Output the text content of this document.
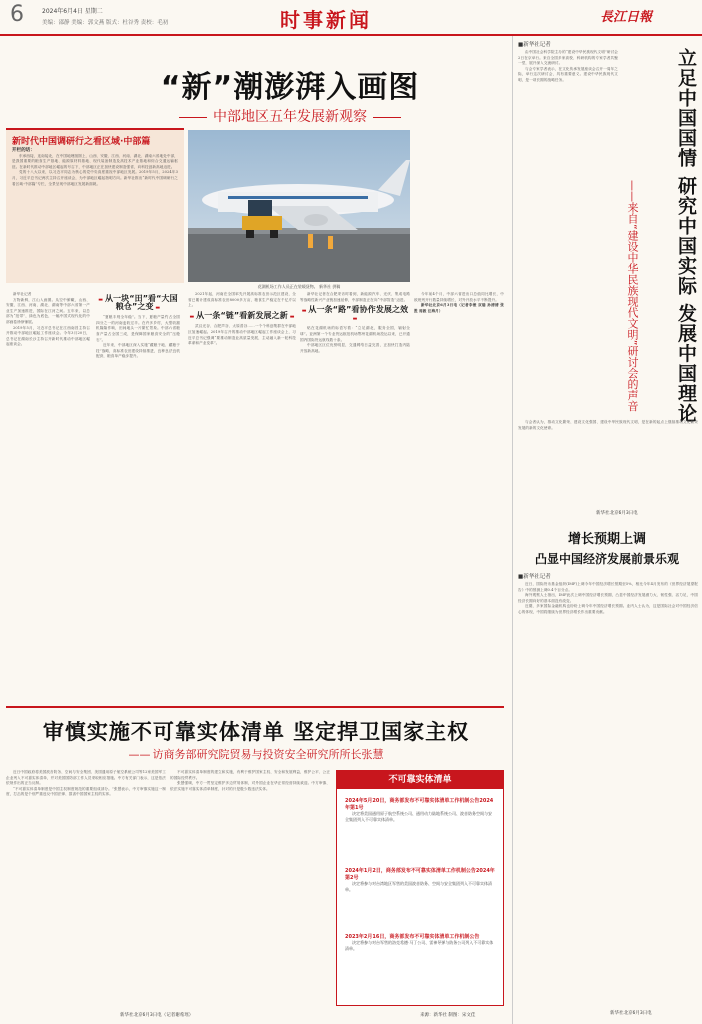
6	2024年6月4日 星期二
美编：邵静 美编：郭文燕 版式：杜谷秀 责校：毛初	时事新闻	長江日報
“新”潮澎湃入画图
中部地区五年发展新观察
新时代中国调研行之看区域·中部篇
开栏的话：

东承西接，连南接北，在中国地理版图上，山西、安徽、江西、河南、湖北、湖南六省地处中部，是我国重要的粮食生产基地、能源原材料基地、现代装备制造及高技术产业基地和综合交通运输枢纽。在新时代推动中部地区崛起的号召下，中部地区正在加快建设制造强省，向科技创新高地迈进。

党的十八大以来，以习近平同志为核心的党中央高度重视中部地区发展。2019年5月，2024年3月，习近平总书记两次主持召开座谈会，为中部地区崛起指明方向。新华社推出“新时代中国调研行之看区域·中部篇”专栏，全景呈现中部地区发展新面貌。

花湖机场工作人员正在装载货物。 新华社 供稿

新华社记者

万物新鲜，江山入画图。从空中俯瞰，山西、安徽、江西、河南、湖北、湖南等中部六省第一产业生产加速推进，国际在江河之间。五年来，以总部为“纽带”，绿色为底色，一幅中国式现代化的中部画卷徐徐铺展。

2019年5月，习近平总书记在江西南昌主持召开推动中部地区崛起工作座谈会。今年3月20日，总书记在湖南长沙主持召开新时代推动中部地区崛起座谈会。

▬ 从一块“田”看“大国粮仓”之变 ▬

“夏粮丰则全年稳”。当下，夏粮产量约占全国四分之一的河南麦收过半。在许多乡村，大型收割机隆隆作响，田间地头一片繁忙景象。中部六省粮食产量占全国三成，是保障国家粮食安全的“压舱石”。

近年来，中部地区深入实施“藏粮于地、藏粮于技”战略，高标准农田建设持续推进，良种良法良机配套，粮食单产稳步提升。

2021年起，河南在全国率先开展高标准农田示范区建设，全省已累计建成高标准农田8000多万亩，粮食生产稳定在千亿斤以上。

▬ 从一条“链”看新发展之新 ▬

武汉光谷、合肥声谷、太原普谷……一个个科创集群在中部地区加速崛起。2019年召开的推动中部地区崛起工作座谈会上，习近平总书记强调“要推动制造业高质量发展，主动融入新一轮科技革命和产业变革”。

新华社记者在合肥采访时看到，新能源汽车、光伏、集成电路等战略性新兴产业链加速延伸，中部制造正在向“中部智造”迈进。

▬ 从一条“路”看协作发展之效 ▬

贴在花湖机场的标语写着：“立足湖北，服务全国，辐射全球”。亚洲第一个专业货运枢纽机场鄂州花湖机场投运以来，已开通国内国际货运航线数十条。

中部地区区位优势明显，交通网络日益完善，正加快打造内陆开放新高地。

今年前4个月，中部六省进出口总值同比增长，中欧班列开行数量持续增长，对外开放水平不断提升。

新华社北京6月3日电（记者李俊 双瑞 孙清清 张胜 周毅 汪海月）

■新华社记者

由中国社会科学院主办的“建设中华民族现代文明”研讨会2日在京举行。来自全国多家高校、科研机构的专家学者共聚一堂，展开深入交流研讨。

与会专家学者表示，在文化传承发展座谈会召开一周年之际，举行这次研讨会，具有重要意义。建设中华民族现代文明，是一项长期的战略任务。	立足中国国情 研究中国实际 发展中国理论
——来自“建设中华民族现代文明”研讨会的声音

与会者认为，推动文化繁荣、建设文化强国、建设中华民族现代文明，是在新的起点上继续推动文化繁荣发展的新的文化使命。

新华社北京6月3日电
增长预期上调
凸显中国经济发展前景乐观
■新华社记者

近日，国际货币基金组织(IMF)上调今年中国经济增长预期至5%，相比今年4月发布的《世界经济展望报告》中的预测上调0.4个百分点。

海外观察人士指出，IMF此次上调中国经济增长预期，凸显中国经济发展潜力大、韧性强、活力足，中国经济长期向好的基本面没有改变。

近期，多家国际金融机构也纷纷上调今年中国经济增长预期。业内人士认为，这是国际社会对中国经济信心的体现，中国将继续为世界经济增长作出重要贡献。

新华社北京6月3日电
审慎实施不可靠实体清单 坚定捍卫国家主权
—— 访商务部研究院贸易与投资安全研究所所长张慧

近日中国政府将美国波音防务、空间与安全集团、美国通用原子航空系统公司等12家美国军工企业列入不可靠实体清单，并对美国国防部工作人员采取相应措施。中方有关部门表示，这是依法依规作出的正当反制。

“不可靠实体清单制度是中国主权制度规范的重要组成部分。”张慧表示，中方审慎实施这一制度，打击的是个别严重违反中国法律、损害中国国家主权的实体。

不可靠实体清单制度的建立和实施，有利于维护国家主权、安全和发展利益，维护公平、公正的国际经贸秩序。

张慧强调，中方一贯坚定维护多边贸易体制，对外国企业在华正常经营持续欢迎。中方审慎、依法实施不可靠实体清单制度，针对的只是极少数违法实体。

不可靠实体清单
2024年5月20日，商务部发布不可靠实体清单工作机制公告2024年第1号
决定将美国通用原子航空系统公司、通用动力陆地系统公司、波音防务空间与安全集团列入不可靠实体清单。
2024年1月2日，商务部发布不可靠实体清单工作机制公告2024年第2号
决定将参与对台湾地区军售的美国波音防务、空间与安全集团列入不可靠实体清单。
2023年2月16日，商务部发布不可靠实体清单工作机制公告
决定将参与对台军售的洛克希德·马丁公司、雷神导弹与防务公司列入不可靠实体清单。
新华社北京6月3日电（记者谢希瑶）	来源：新华社 制图：宋文佳
